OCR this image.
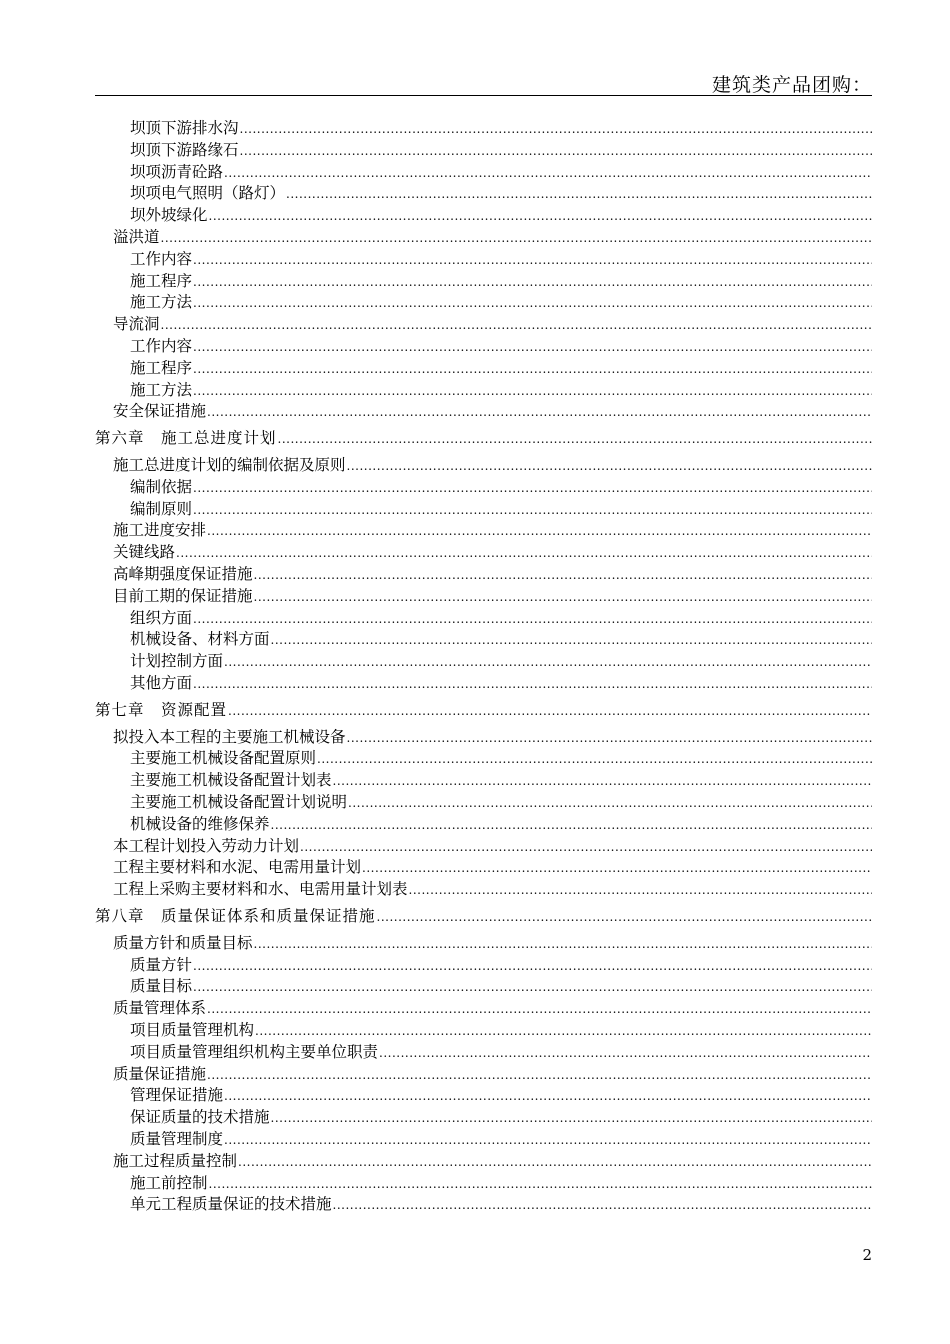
建筑类产品团购：
坝顶下游排水沟
.....
坝顶下游路缘石
.....
坝项沥青砼路
.....
坝项电气照明（路灯）
.....
坝外坡绿化
.....
溢洪道
.....
工作内容
.....
施工程序
.....
施工方法
.....
导流洞
.....
工作内容
.....
施工程序
.....
施工方法
.....
安全保证措施
.....
第六章　施工总进度计划
.....
施工总进度计划的编制依据及原则
.....
编制依据
.....
编制原则
.....
施工进度安排
.....
关键线路
.....
高峰期强度保证措施
.....
目前工期的保证措施
.....
组织方面
.....
机械设备、材料方面
.....
计划控制方面
.....
其他方面
.....
第七章　资源配置
.....
拟投入本工程的主要施工机械设备
.....
主要施工机械设备配置原则
.....
主要施工机械设备配置计划表
.....
主要施工机械设备配置计划说明
.....
机械设备的维修保养
.....
本工程计划投入劳动力计划
.....
工程主要材料和水泥、电需用量计划
.....
工程上采购主要材料和水、电需用量计划表
.....
第八章　质量保证体系和质量保证措施
.....
质量方针和质量目标
.....
质量方针
.....
质量目标
.....
质量管理体系
.....
项目质量管理机构
.....
项目质量管理组织机构主要单位职责
.....
质量保证措施
.....
管理保证措施
.....
保证质量的技术措施
.....
质量管理制度
.....
施工过程质量控制
.....
施工前控制
.....
单元工程质量保证的技术措施
.....
2
